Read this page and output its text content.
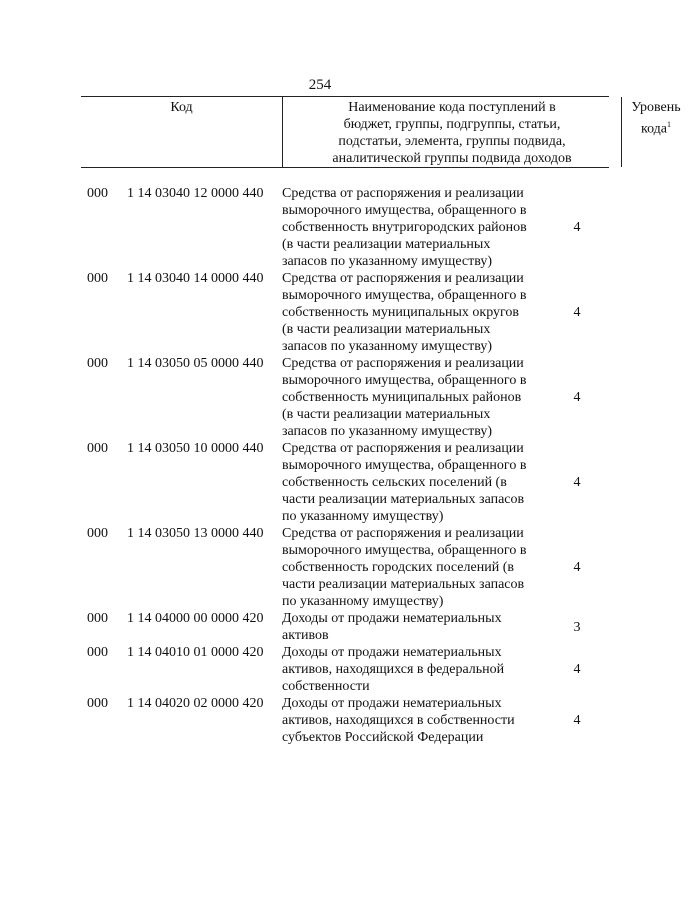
254
Код	Наименование кода поступлений в
бюджет, группы, подгруппы, статьи,
подстатьи, элемента, группы подвида,
аналитической группы подвида доходов
Уровень
кода$^1$
000	1 14 03040 12 0000 440	Средства от распоряжения и реализации
выморочного имущества, обращенного в
собственность внутригородских районов
(в части реализации материальных
запасов по указанному имуществу)
4
000	1 14 03040 14 0000 440	Средства от распоряжения и реализации
выморочного имущества, обращенного в
собственность муниципальных округов
(в части реализации материальных
запасов по указанному имуществу)
4
000	1 14 03050 05 0000 440	Средства от распоряжения и реализации
выморочного имущества, обращенного в
собственность муниципальных районов
(в части реализации материальных
запасов по указанному имуществу)
4
000	1 14 03050 10 0000 440	Средства от распоряжения и реализации
выморочного имущества, обращенного в
собственность сельских поселений (в
части реализации материальных запасов
по указанному имуществу)
4
000	1 14 03050 13 0000 440	Средства от распоряжения и реализации
выморочного имущества, обращенного в
собственность городских поселений (в
части реализации материальных запасов
по указанному имуществу)
4
000	1 14 04000 00 0000 420	Доходы от продажи нематериальных
активов
3
000	1 14 04010 01 0000 420	Доходы от продажи нематериальных
активов, находящихся в федеральной
собственности
4
000	1 14 04020 02 0000 420	Доходы от продажи нематериальных
активов, находящихся в собственности
субъектов Российской Федерации
4
